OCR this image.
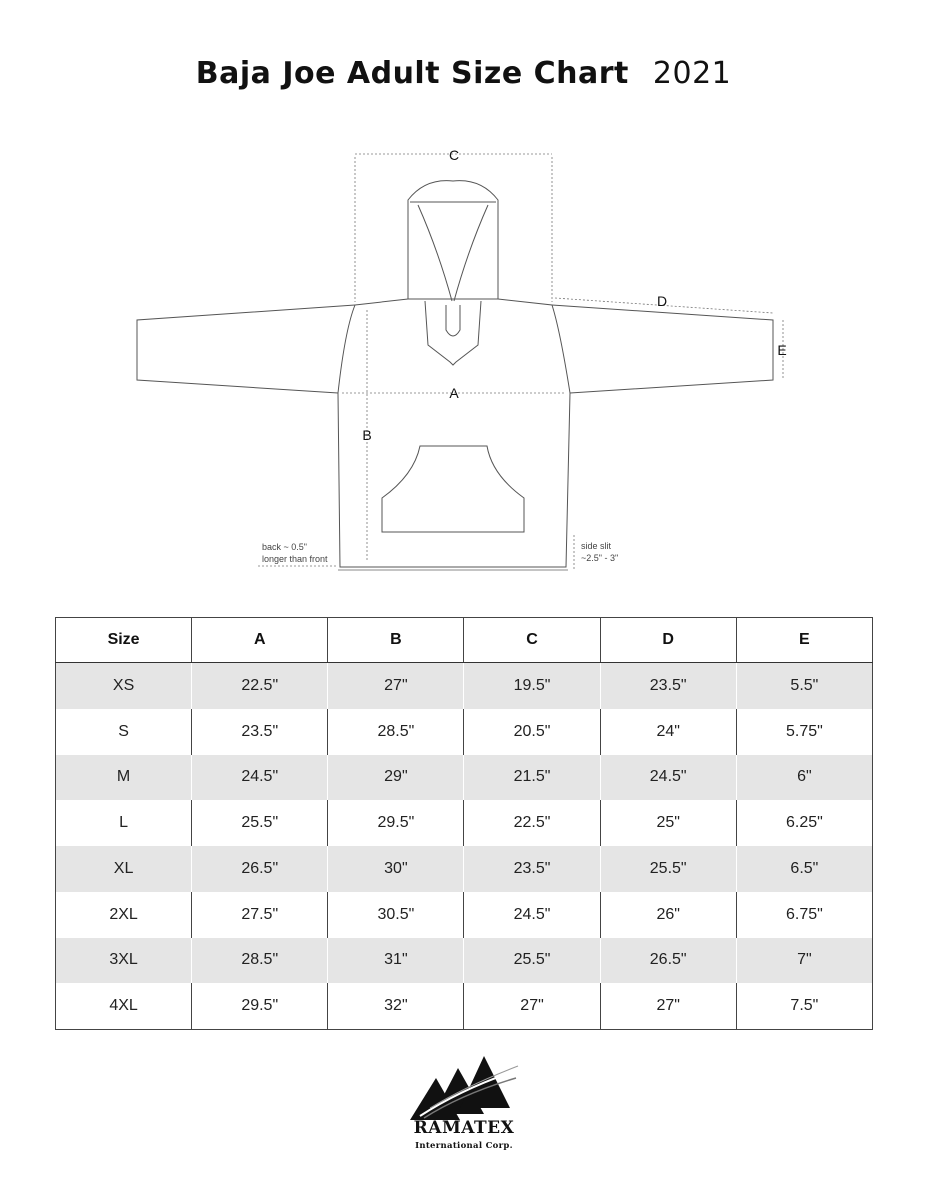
Baja Joe Adult Size Chart 2021
C
D
E
A
B
back ~ 0.5"
longer than front
side slit
~2.5" - 3"
Size	A	B	C	D	E
XS	22.5"	27"	19.5"	23.5"	5.5"
S	23.5"	28.5"	20.5"	24"	5.75"
M	24.5"	29"	21.5"	24.5"	6"
L	25.5"	29.5"	22.5"	25"	6.25"
XL	26.5"	30"	23.5"	25.5"	6.5"
2XL	27.5"	30.5"	24.5"	26"	6.75"
3XL	28.5"	31"	25.5"	26.5"	7"
4XL	29.5"	32"	27"	27"	7.5"
RAMATEX
International Corp.
